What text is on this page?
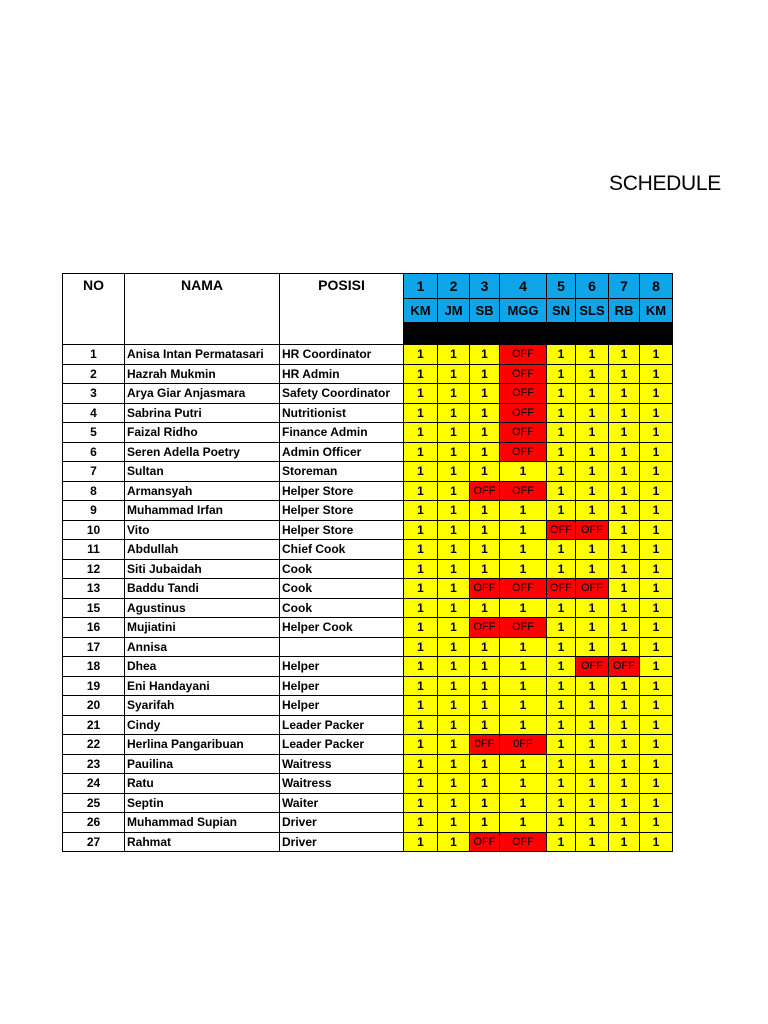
SCHEDULE
NO	NAMA	POSISI	1	2	3	4	5	6	7	8
			KM	JM	SB	MGG	SN	SLS	RB	KM

1	Anisa Intan Permatasari	HR Coordinator	1	1	1	OFF	1	1	1	1
2	Hazrah Mukmin	HR Admin	1	1	1	OFF	1	1	1	1
3	Arya Giar Anjasmara	Safety Coordinator	1	1	1	OFF	1	1	1	1
4	Sabrina Putri	Nutritionist	1	1	1	OFF	1	1	1	1
5	Faizal Ridho	Finance Admin	1	1	1	OFF	1	1	1	1
6	Seren Adella Poetry	Admin Officer	1	1	1	OFF	1	1	1	1
7	Sultan	Storeman	1	1	1	1	1	1	1	1
8	Armansyah	Helper Store	1	1	OFF	OFF	1	1	1	1
9	Muhammad Irfan	Helper Store	1	1	1	1	1	1	1	1
10	Vito	Helper Store	1	1	1	1	OFF	OFF	1	1
11	Abdullah	Chief Cook	1	1	1	1	1	1	1	1
12	Siti Jubaidah	Cook	1	1	1	1	1	1	1	1
13	Baddu Tandi	Cook	1	1	OFF	OFF	OFF	OFF	1	1
15	Agustinus	Cook	1	1	1	1	1	1	1	1
16	Mujiatini	Helper Cook	1	1	OFF	OFF	1	1	1	1
17	Annisa		1	1	1	1	1	1	1	1
18	Dhea	Helper	1	1	1	1	1	OFF	OFF	1
19	Eni Handayani	Helper	1	1	1	1	1	1	1	1
20	Syarifah	Helper	1	1	1	1	1	1	1	1
21	Cindy	Leader Packer	1	1	1	1	1	1	1	1
22	Herlina Pangaribuan	Leader Packer	1	1	0FF	0FF	1	1	1	1
23	Pauilina	Waitress	1	1	1	1	1	1	1	1
24	Ratu	Waitress	1	1	1	1	1	1	1	1
25	Septin	Waiter	1	1	1	1	1	1	1	1
26	Muhammad Supian	Driver	1	1	1	1	1	1	1	1
27	Rahmat	Driver	1	1	OFF	OFF	1	1	1	1
